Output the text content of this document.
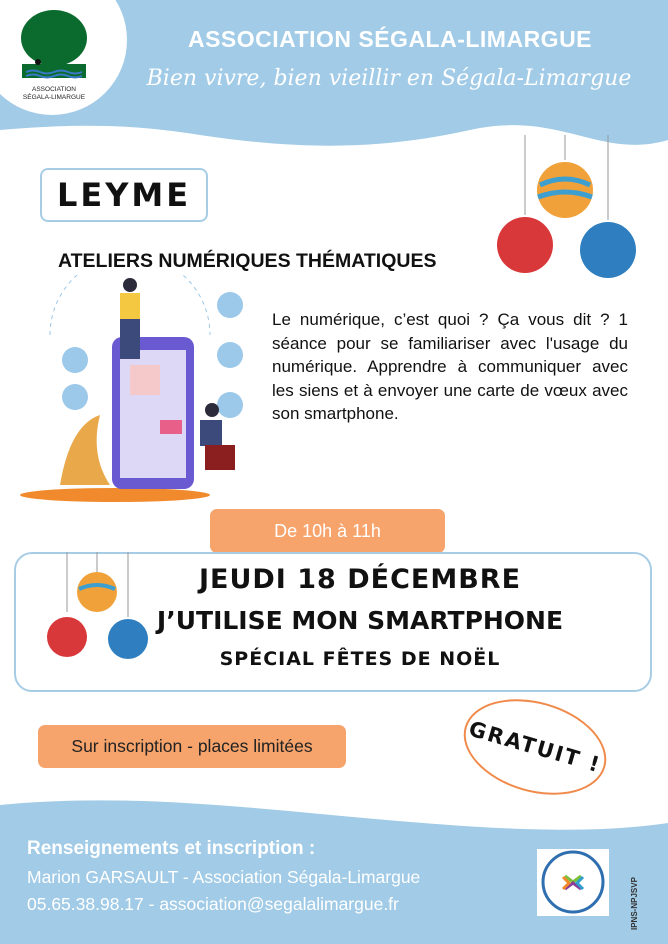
ASSOCIATION
SÉGALA-LIMARGUE
ASSOCIATION SÉGALA-LIMARGUE
Bien vivre, bien vieillir en Ségala-Limargue
LEYME
ATELIERS NUMÉRIQUES THÉMATIQUES
Le numérique, c’est quoi ? Ça vous dit ? 1 séance pour se familiariser avec l'usage du numérique. Apprendre à communiquer avec les siens et à envoyer une carte de vœux avec son smartphone.
De 10h à 11h
JEUDI 18 DÉCEMBRE
J’UTILISE MON SMARTPHONE
SPÉCIAL FÊTES DE NOËL
Sur inscription - places limitées	GRATUIT !
Renseignements et inscription :
Marion GARSAULT - Association Ségala-Limargue
05.65.38.98.17 - association@segalalimargue.fr	IPNS-NPJSVP
